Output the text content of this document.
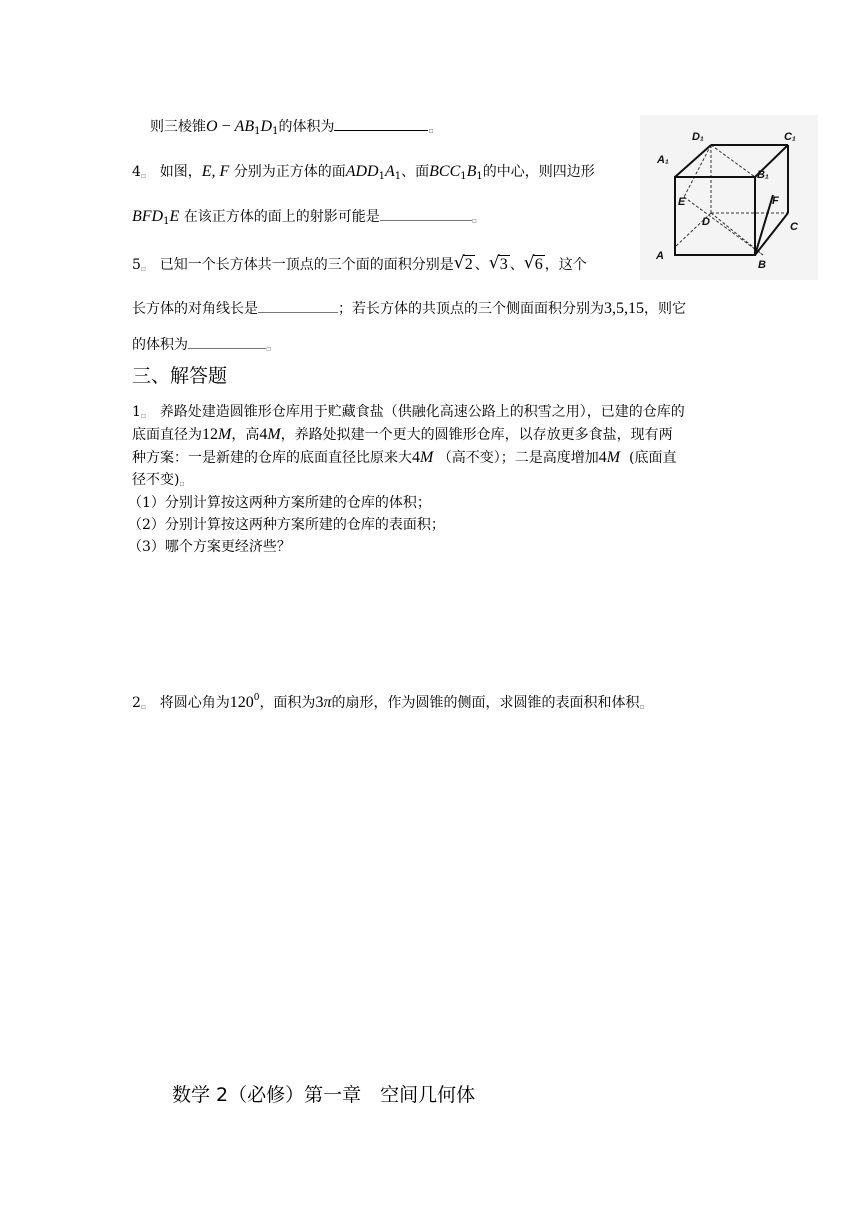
则三棱锥$O - AB_1D_1$的体积为	▫
4▫ 如图，E, F 分别为正方体的面$ADD_1A_1$、面$BCC_1B_1$的中心，则四边形
$BFD_1E$ 在该正方体的面上的射影可能是	▫
5▫ 已知一个长方体共一顶点的三个面的面积分别是 √ 2 、 √ 3 、 √ 6 ，这个
长方体的对角线长是	；若长方体的共顶点的三个侧面面积分别为3,5,15，则它
的体积为	▫
三、解答题
1▫ 养路处建造圆锥形仓库用于贮藏食盐（供融化高速公路上的积雪之用），已建的仓库的
底面直径为12M，高4M，养路处拟建一个更大的圆锥形仓库，以存放更多食盐，现有两
种方案：一是新建的仓库的底面直径比原来大4M （高不变）；二是高度增加4M (底面直
径不变)▫
（1）分别计算按这两种方案所建的仓库的体积；
（2）分别计算按这两种方案所建的仓库的表面积；
（3）哪个方案更经济些？
2▫ 将圆心角为$120^0$，面积为3π的扇形，作为圆锥的侧面，求圆锥的表面积和体积▫
数学 2（必修）第一章　空间几何体
D₁	C₁
A₁
B₁
E	F
D	C
A
B
